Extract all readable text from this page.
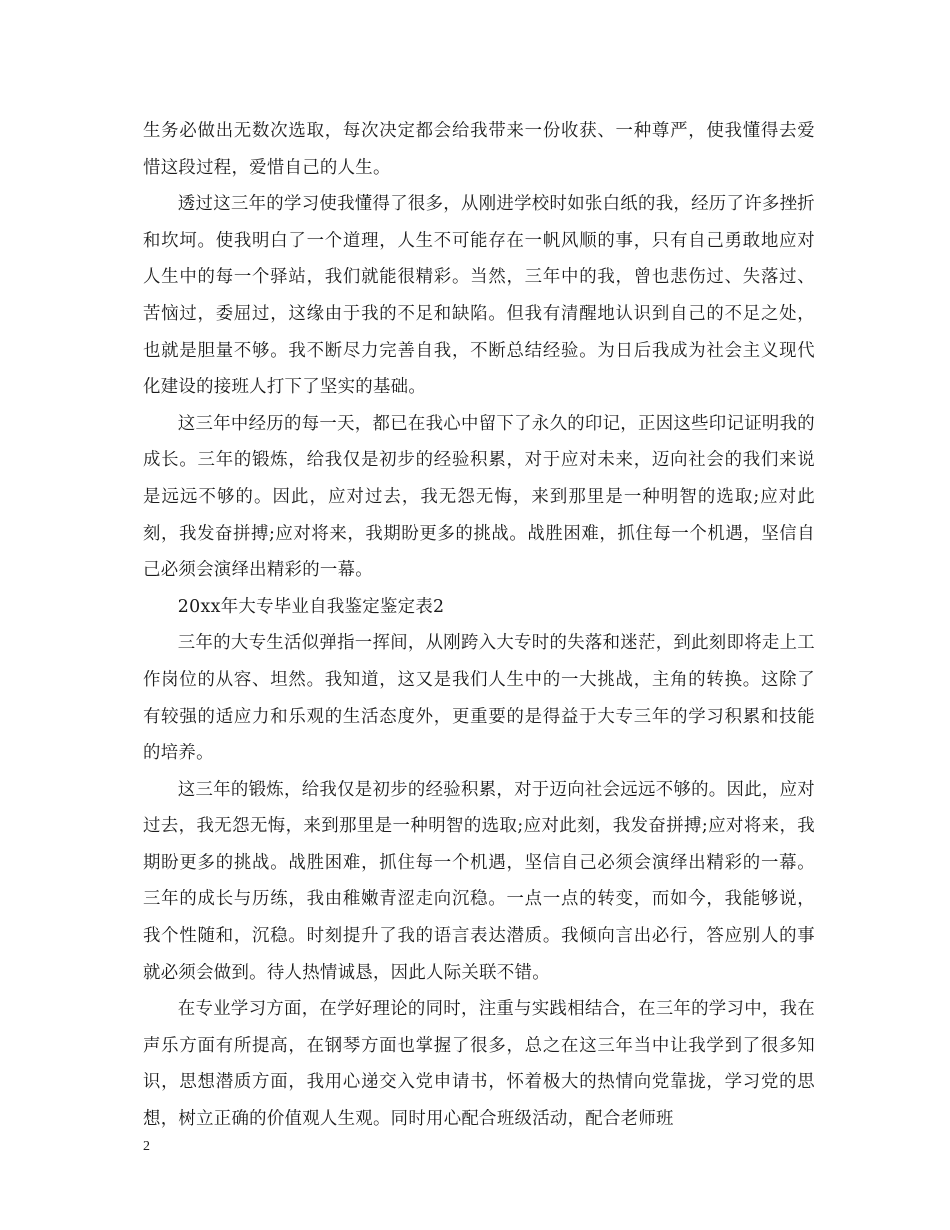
生务必做出无数次选取，每次决定都会给我带来一份收获、一种尊严，使我懂得去爱惜这段过程，爱惜自己的人生。

透过这三年的学习使我懂得了很多，从刚进学校时如张白纸的我，经历了许多挫折和坎坷。使我明白了一个道理，人生不可能存在一帆风顺的事，只有自己勇敢地应对人生中的每一个驿站，我们就能很精彩。当然，三年中的我，曾也悲伤过、失落过、苦恼过，委屈过，这缘由于我的不足和缺陷。但我有清醒地认识到自己的不足之处，也就是胆量不够。我不断尽力完善自我，不断总结经验。为日后我成为社会主义现代化建设的接班人打下了坚实的基础。

这三年中经历的每一天，都已在我心中留下了永久的印记，正因这些印记证明我的成长。三年的锻炼，给我仅是初步的经验积累，对于应对未来，迈向社会的我们来说是远远不够的。因此，应对过去，我无怨无悔，来到那里是一种明智的选取;应对此刻，我发奋拼搏;应对将来，我期盼更多的挑战。战胜困难，抓住每一个机遇，坚信自己必须会演绎出精彩的一幕。

20xx年大专毕业自我鉴定鉴定表2

三年的大专生活似弹指一挥间，从刚跨入大专时的失落和迷茫，到此刻即将走上工作岗位的从容、坦然。我知道，这又是我们人生中的一大挑战，主角的转换。这除了有较强的适应力和乐观的生活态度外，更重要的是得益于大专三年的学习积累和技能的培养。

这三年的锻炼，给我仅是初步的经验积累，对于迈向社会远远不够的。因此，应对过去，我无怨无悔，来到那里是一种明智的选取;应对此刻，我发奋拼搏;应对将来，我期盼更多的挑战。战胜困难，抓住每一个机遇，坚信自己必须会演绎出精彩的一幕。三年的成长与历练，我由稚嫩青涩走向沉稳。一点一点的转变，而如今，我能够说，我个性随和，沉稳。时刻提升了我的语言表达潜质。我倾向言出必行，答应别人的事就必须会做到。待人热情诚恳，因此人际关联不错。

在专业学习方面，在学好理论的同时，注重与实践相结合，在三年的学习中，我在声乐方面有所提高，在钢琴方面也掌握了很多，总之在这三年当中让我学到了很多知识，思想潜质方面，我用心递交入党申请书，怀着极大的热情向党靠拢，学习党的思想，树立正确的价值观人生观。同时用心配合班级活动，配合老师班

2
